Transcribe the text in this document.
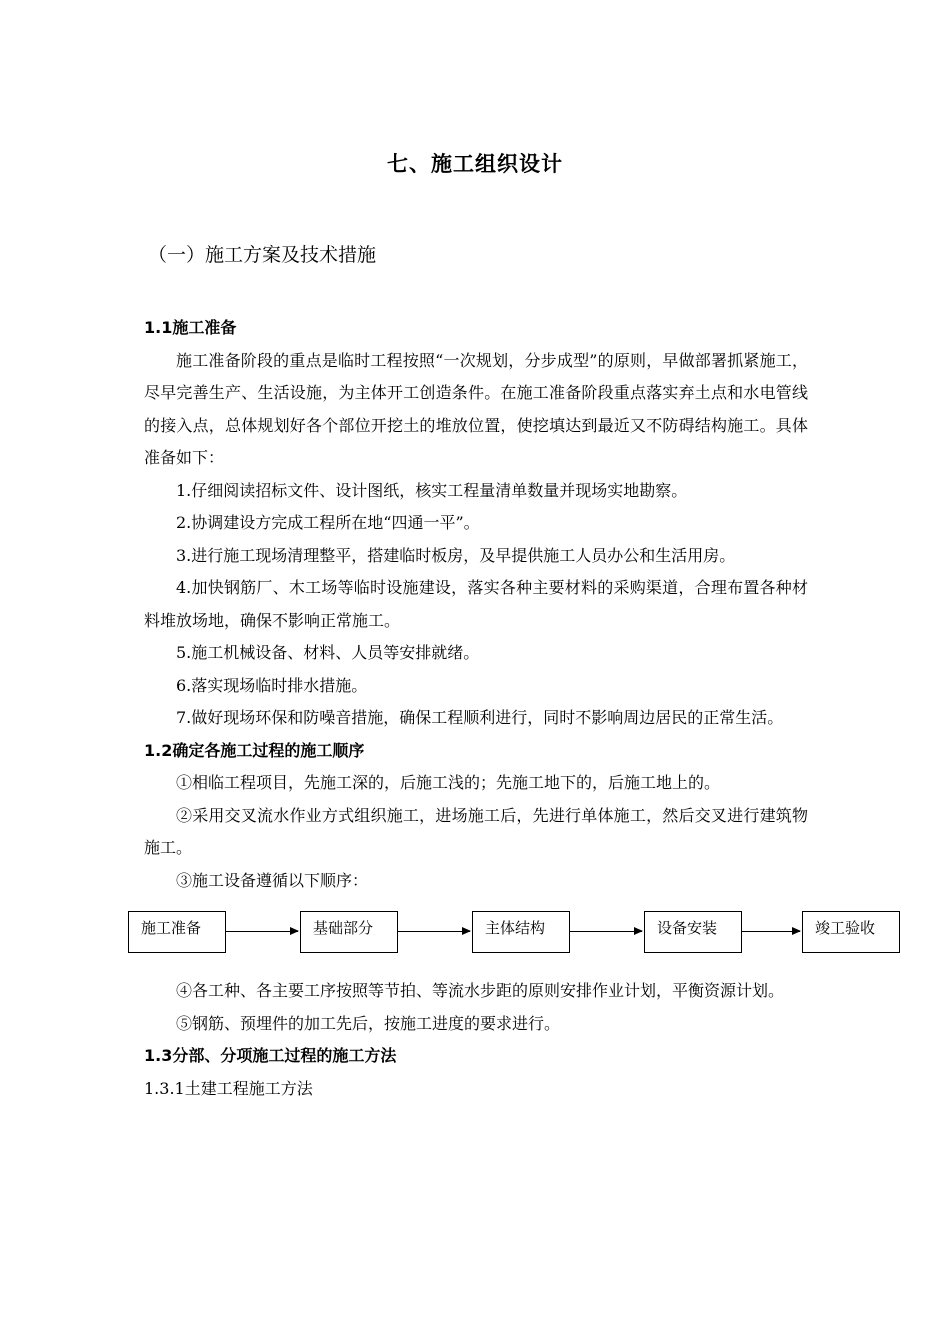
七、施工组织设计
（一）施工方案及技术措施

1.1施工准备

施工准备阶段的重点是临时工程按照“一次规划，分步成型”的原则，早做部署抓紧施工，尽早完善生产、生活设施，为主体开工创造条件。在施工准备阶段重点落实弃土点和水电管线的接入点，总体规划好各个部位开挖土的堆放位置，使挖填达到最近又不防碍结构施工。具体准备如下：

1.仔细阅读招标文件、设计图纸，核实工程量清单数量并现场实地勘察。

2.协调建设方完成工程所在地“四通一平”。

3.进行施工现场清理整平，搭建临时板房，及早提供施工人员办公和生活用房。

4.加快钢筋厂、木工场等临时设施建设，落实各种主要材料的采购渠道，合理布置各种材料堆放场地，确保不影响正常施工。

5.施工机械设备、材料、人员等安排就绪。

6.落实现场临时排水措施。

7.做好现场环保和防噪音措施，确保工程顺利进行，同时不影响周边居民的正常生活。

1.2确定各施工过程的施工顺序

①相临工程项目，先施工深的，后施工浅的；先施工地下的，后施工地上的。

②采用交叉流水作业方式组织施工，进场施工后，先进行单体施工，然后交叉进行建筑物施工。

③施工设备遵循以下顺序：

施工准备	基础部分	主体结构	设备安装	竣工验收

④各工种、各主要工序按照等节拍、等流水步距的原则安排作业计划，平衡资源计划。

⑤钢筋、预埋件的加工先后，按施工进度的要求进行。

1.3分部、分项施工过程的施工方法

1.3.1土建工程施工方法
